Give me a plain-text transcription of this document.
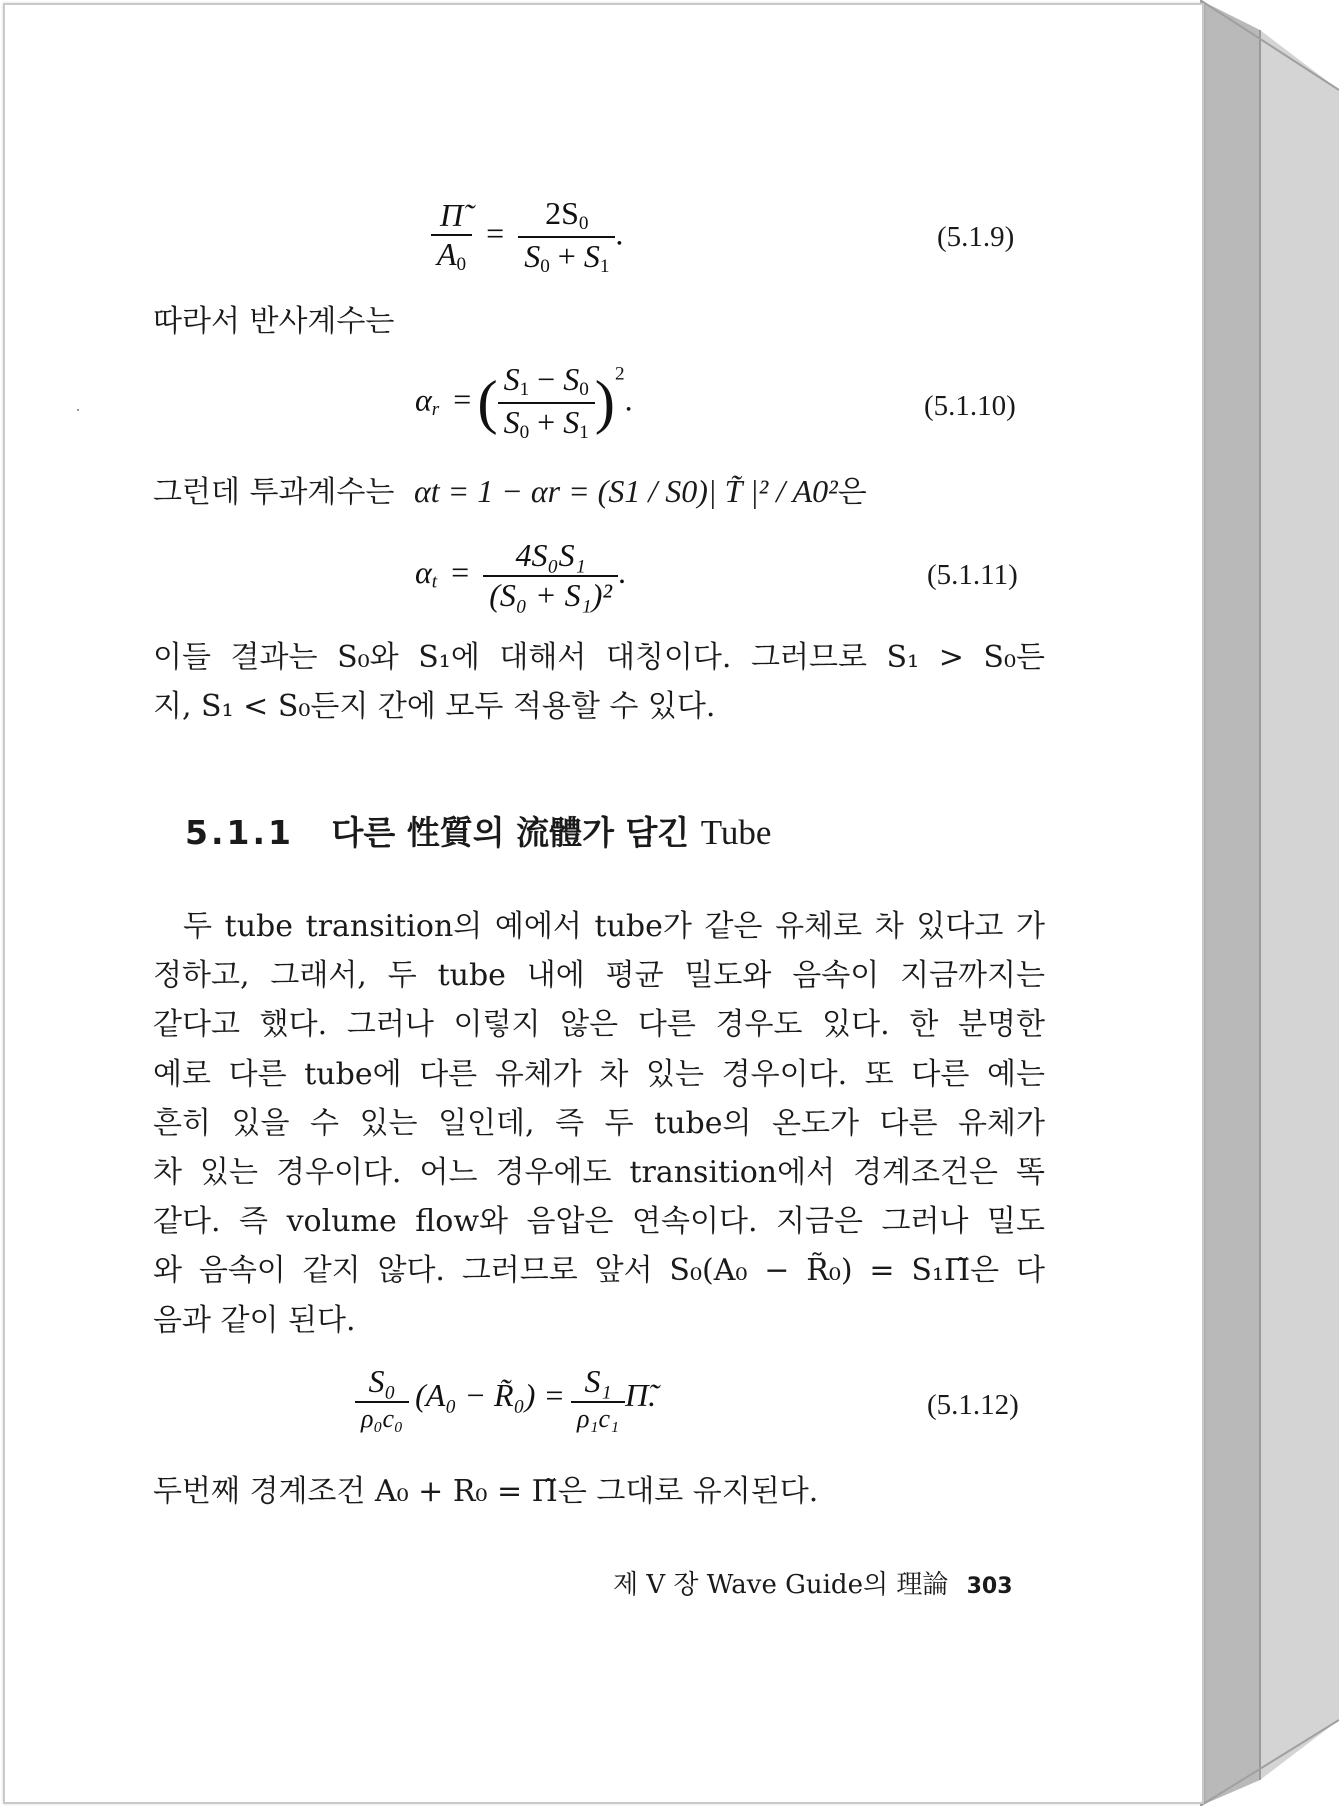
$\frac{\Pĩ}{A_0} = \frac{2S_0}{S_0 + S_1}$ .	(5.1.9)
따라서 반사계수는
$\alpha_r$ =( $\frac{S_1 - S_0}{S_0 + S_1} )^2$.	(5.1.10)
그런데 투과계수는 αt = 1 − αr = (S1 / S0)| T̃ |² / A0²은
$\alpha_t = \frac{\text{4S₀S₁}}{\text{(S₀ + S₁)²}}$ .	(5.1.11)
이들 결과는 S₀와 S₁에 대해서 대칭이다. 그러므로 S₁ > S₀든
지, S₁ < S₀든지 간에 모두 적용할 수 있다.
5.1.1 다른 性質의 流體가 담긴 Tube
두 tube transition의 예에서 tube가 같은 유체로 차 있다고 가
정하고, 그래서, 두 tube 내에 평균 밀도와 음속이 지금까지는
같다고 했다. 그러나 이렇지 않은 다른 경우도 있다. 한 분명한
예로 다른 tube에 다른 유체가 차 있는 경우이다. 또 다른 예는
흔히 있을 수 있는 일인데, 즉 두 tube의 온도가 다른 유체가
차 있는 경우이다. 어느 경우에도 transition에서 경계조건은 똑
같다. 즉 volume flow와 음압은 연속이다. 지금은 그러나 밀도
와 음속이 같지 않다. 그러므로 앞서 S₀(A₀ − R̃₀) = S₁Π̃은 다
음과 같이 된다.
$\frac{\text{S₀}}{\text{ρ₀c₀}} (A_0$ − R̃₀) = $\frac{\text{S₁}}{\text{ρ₁c₁}}$ Π̃.	(5.1.12)
두번째 경계조건 A₀ + R₀ = Π̃은 그대로 유지된다.
제 V 장 Wave Guide의 理論 303
